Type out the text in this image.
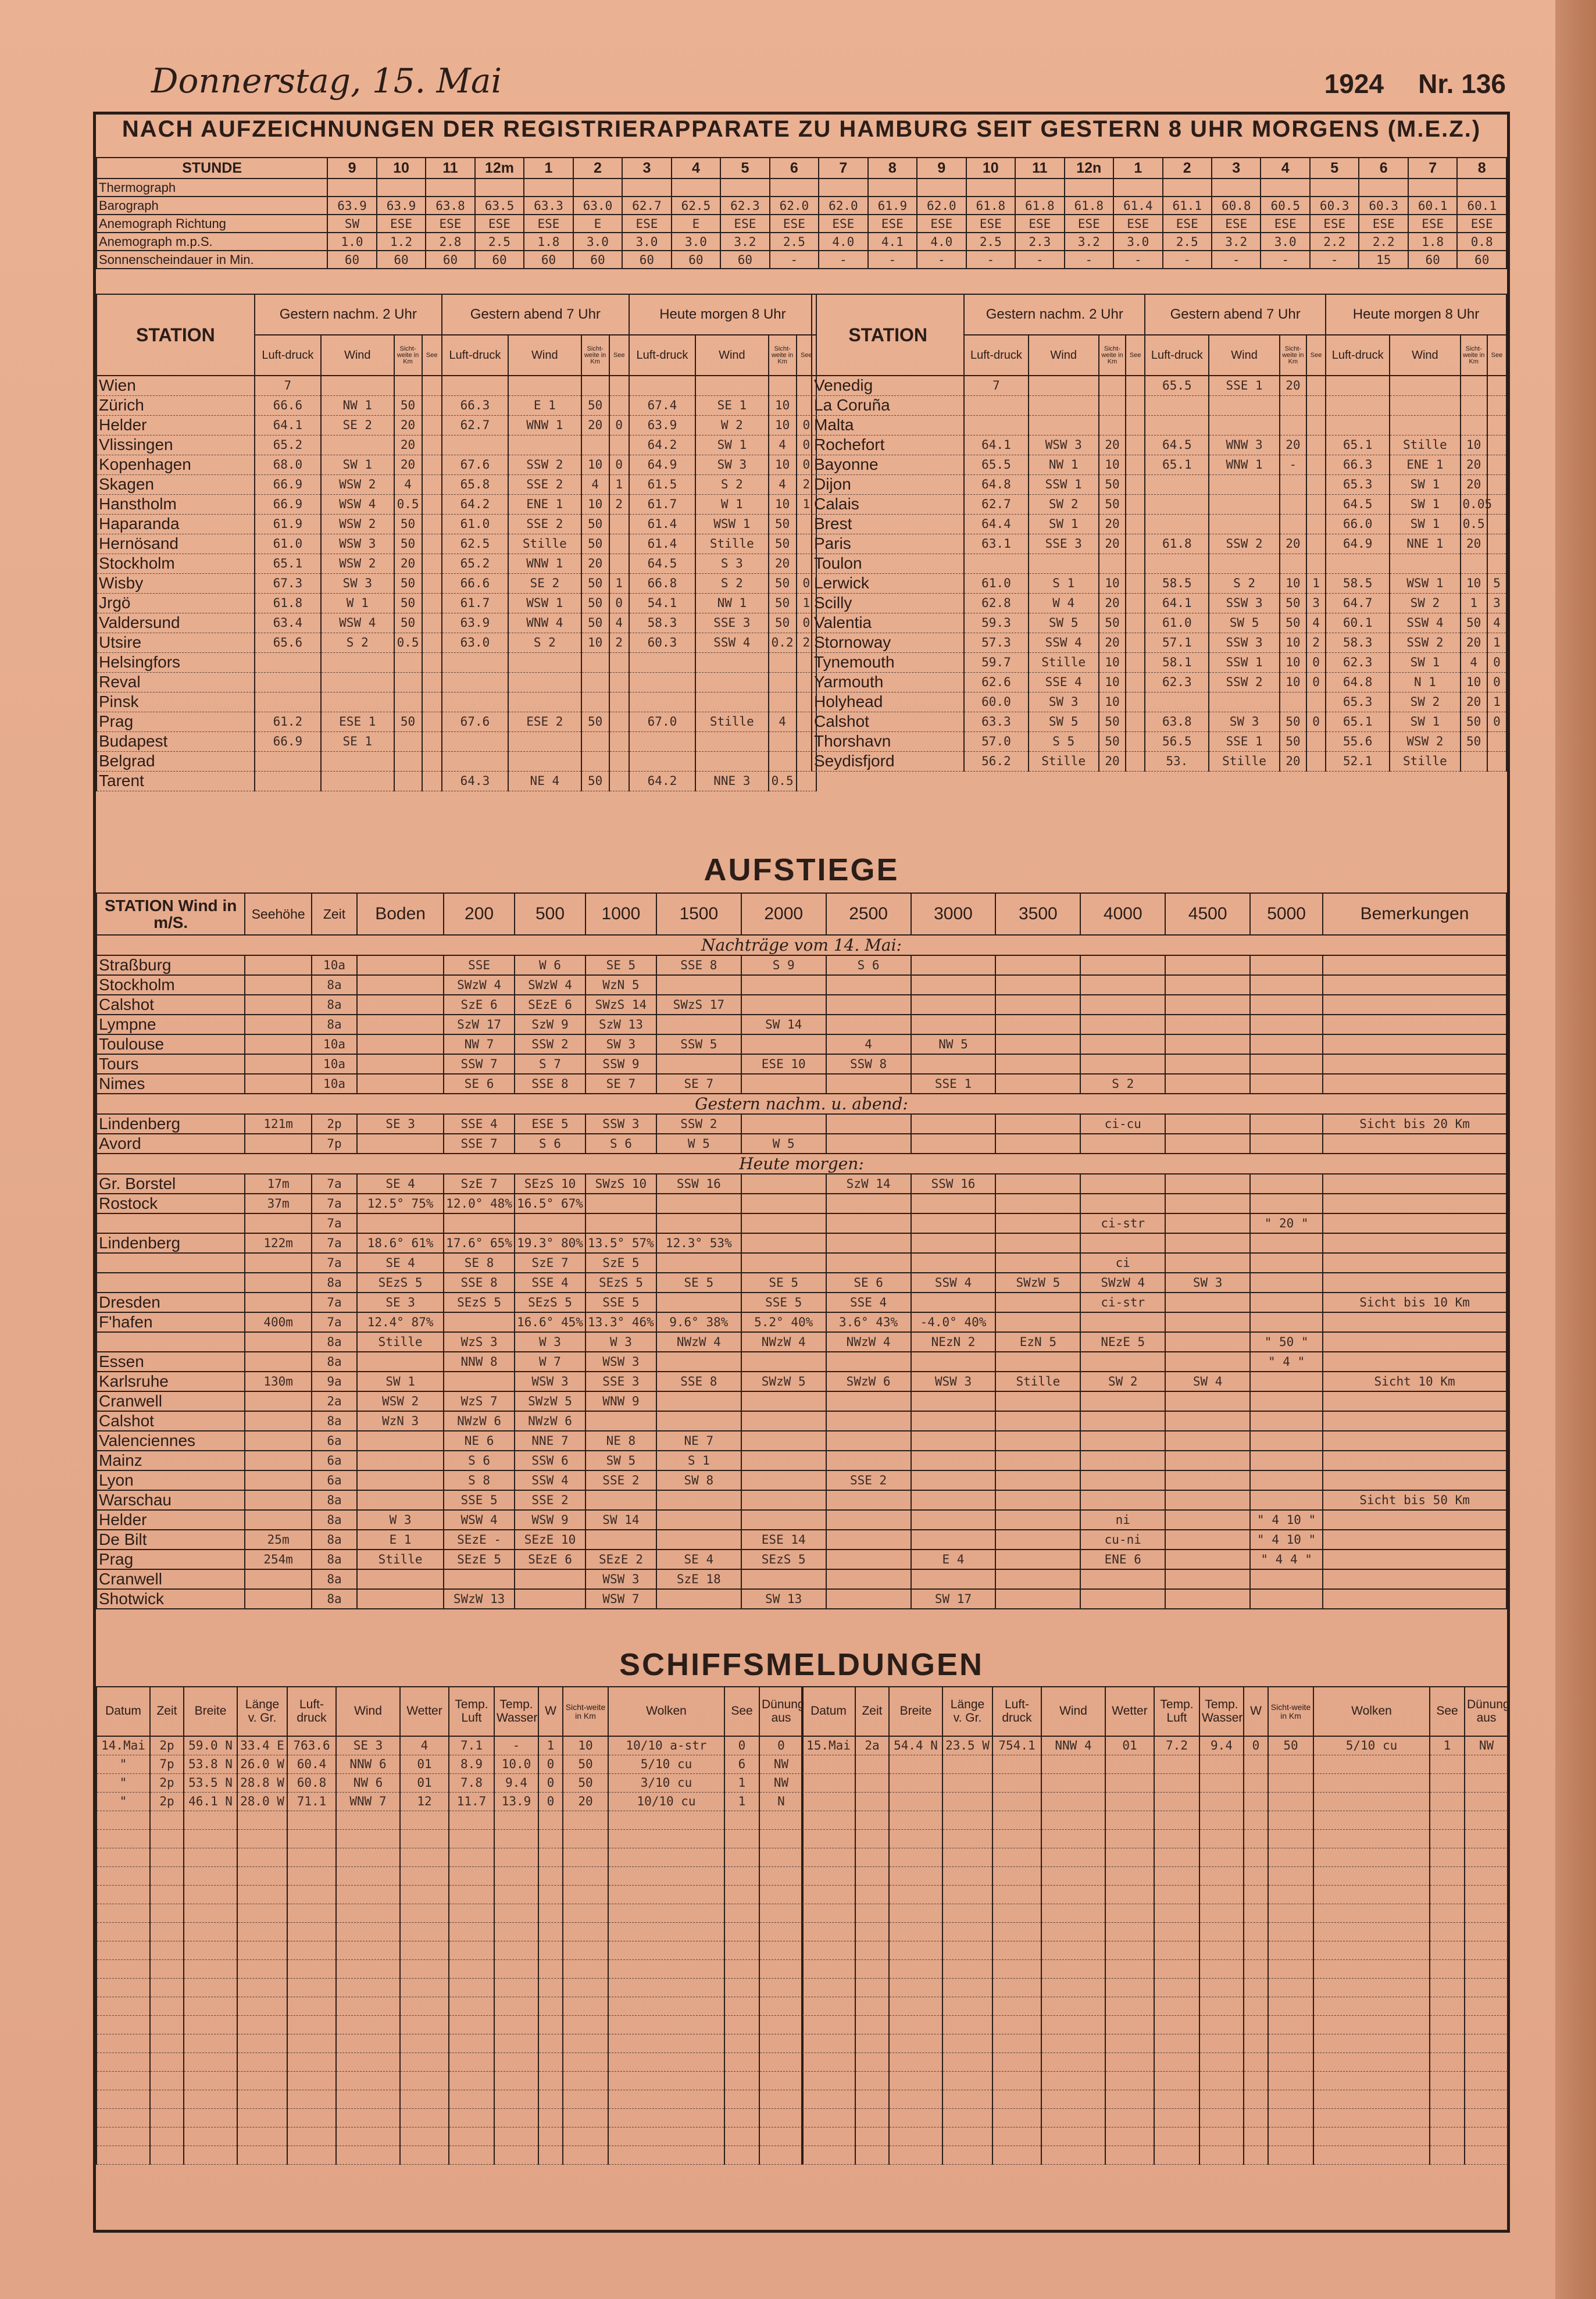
Donnerstag, 15. Mai	1924 Nr. 136
NACH AUFZEICHNUNGEN DER REGISTRIERAPPARATE ZU HAMBURG SEIT GESTERN 8 UHR MORGENS (M.E.Z.)
STUNDE	9	10	11	12m	1	2	3	4	5	6	7	8	9	10	11	12n	1	2	3	4	5	6	7	8
Thermograph																								
Barograph	63.9	63.9	63.8	63.5	63.3	63.0	62.7	62.5	62.3	62.0	62.0	61.9	62.0	61.8	61.8	61.8	61.4	61.1	60.8	60.5	60.3	60.3	60.1	60.1
Anemograph Richtung	SW	ESE	ESE	ESE	ESE	E	ESE	E	ESE	ESE	ESE	ESE	ESE	ESE	ESE	ESE	ESE	ESE	ESE	ESE	ESE	ESE	ESE	ESE
Anemograph m.p.S.	1.0	1.2	2.8	2.5	1.8	3.0	3.0	3.0	3.2	2.5	4.0	4.1	4.0	2.5	2.3	3.2	3.0	2.5	3.2	3.0	2.2	2.2	1.8	0.8
Sonnenscheindauer in Min.	60	60	60	60	60	60	60	60	60	-	-	-	-	-	-	-	-	-	-	-	-	15	60	60
STATION	Gestern nachm. 2 Uhr				Gestern abend 7 Uhr				Heute morgen 8 Uhr			
	Luft-druck	Wind	Sicht-weite in Km	See	Luft-druck	Wind	Sicht-weite in Km	See	Luft-druck	Wind	Sicht-weite in Km	See
Wien	7											
Zürich	66.6	NW 1	50		66.3	E 1	50		67.4	SE 1	10	
Helder	64.1	SE 2	20		62.7	WNW 1	20	0	63.9	W 2	10	0
Vlissingen	65.2		20						64.2	SW 1	4	0
Kopenhagen	68.0	SW 1	20		67.6	SSW 2	10	0	64.9	SW 3	10	0
Skagen	66.9	WSW 2	4		65.8	SSE 2	4	1	61.5	S 2	4	2
Hanstholm	66.9	WSW 4	0.5		64.2	ENE 1	10	2	61.7	W 1	10	1
Haparanda	61.9	WSW 2	50		61.0	SSE 2	50		61.4	WSW 1	50	
Hernösand	61.0	WSW 3	50		62.5	Stille	50		61.4	Stille	50	
Stockholm	65.1	WSW 2	20		65.2	WNW 1	20		64.5	S 3	20	
Wisby	67.3	SW 3	50		66.6	SE 2	50	1	66.8	S 2	50	0
Jrgö	61.8	W 1	50		61.7	WSW 1	50	0	54.1	NW 1	50	1
Valdersund	63.4	WSW 4	50		63.9	WNW 4	50	4	58.3	SSE 3	50	0
Utsire	65.6	S 2	0.5		63.0	S 2	10	2	60.3	SSW 4	0.2	2
Helsingfors												
Reval												
Pinsk												
Prag	61.2	ESE 1	50		67.6	ESE 2	50		67.0	Stille	4	
Budapest	66.9	SE 1										
Belgrad												
Tarent					64.3	NE 4	50		64.2	NNE 3	0.5	
STATION	Gestern nachm. 2 Uhr				Gestern abend 7 Uhr				Heute morgen 8 Uhr			
	Luft-druck	Wind	Sicht-weite in Km	See	Luft-druck	Wind	Sicht-weite in Km	See	Luft-druck	Wind	Sicht-weite in Km	See
Venedig	7				65.5	SSE 1	20					
La Coruña												
Malta												
Rochefort	64.1	WSW 3	20		64.5	WNW 3	20		65.1	Stille	10	
Bayonne	65.5	NW 1	10		65.1	WNW 1	-		66.3	ENE 1	20	
Dijon	64.8	SSW 1	50						65.3	SW 1	20	
Calais	62.7	SW 2	50						64.5	SW 1	0.05	
Brest	64.4	SW 1	20						66.0	SW 1	0.5	
Paris	63.1	SSE 3	20		61.8	SSW 2	20		64.9	NNE 1	20	
Toulon												
Lerwick	61.0	S 1	10		58.5	S 2	10	1	58.5	WSW 1	10	5
Scilly	62.8	W 4	20		64.1	SSW 3	50	3	64.7	SW 2	1	3
Valentia	59.3	SW 5	50		61.0	SW 5	50	4	60.1	SSW 4	50	4
Stornoway	57.3	SSW 4	20		57.1	SSW 3	10	2	58.3	SSW 2	20	1
Tynemouth	59.7	Stille	10		58.1	SSW 1	10	0	62.3	SW 1	4	0
Yarmouth	62.6	SSE 4	10		62.3	SSW 2	10	0	64.8	N 1	10	0
Holyhead	60.0	SW 3	10						65.3	SW 2	20	1
Calshot	63.3	SW 5	50		63.8	SW 3	50	0	65.1	SW 1	50	0
Thorshavn	57.0	S 5	50		56.5	SSE 1	50		55.6	WSW 2	50	
Seydisfjord	56.2	Stille	20		53.	Stille	20		52.1	Stille		
AUFSTIEGE
STATION Wind in m/S.	Seehöhe	Zeit	Boden	200	500	1000	1500	2000	2500	3000	3500	4000	4500	5000	Bemerkungen
Nachträge vom 14. Mai:															
Straßburg		10a		SSE	W 6	SE 5	SSE 8	S 9	S 6						
Stockholm		8a		SWzW 4	SWzW 4	WzN 5									
Calshot		8a		SzE 6	SEzE 6	SWzS 14	SWzS 17								
Lympne		8a		SzW 17	SzW 9	SzW 13		SW 14							
Toulouse		10a		NW 7	SSW 2	SW 3	SSW 5		4	NW 5					
Tours		10a		SSW 7	S 7	SSW 9		ESE 10	SSW 8						
Nimes		10a		SE 6	SSE 8	SE 7	SE 7			SSE 1		S 2			
Gestern nachm. u. abend:															
Lindenberg	121m	2p	SE 3	SSE 4	ESE 5	SSW 3	SSW 2					ci-cu			Sicht bis 20 Km
Avord		7p		SSE 7	S 6	S 6	W 5	W 5							
Heute morgen:															
Gr. Borstel	17m	7a	SE 4	SzE 7	SEzS 10	SWzS 10	SSW 16		SzW 14	SSW 16					
Rostock	37m	7a	12.5° 75%	12.0° 48%	16.5° 67%										
		7a										ci-str		" 20 "	
Lindenberg	122m	7a	18.6° 61%	17.6° 65%	19.3° 80%	13.5° 57%	12.3° 53%								
		7a	SE 4	SE 8	SzE 7	SzE 5						ci			
		8a	SEzS 5	SSE 8	SSE 4	SEzS 5	SE 5	SE 5	SE 6	SSW 4	SWzW 5	SWzW 4	SW 3		
Dresden		7a	SE 3	SEzS 5	SEzS 5	SSE 5		SSE 5	SSE 4			ci-str			Sicht bis 10 Km
F'hafen	400m	7a	12.4° 87%		16.6° 45%	13.3° 46%	9.6° 38%	5.2° 40%	3.6° 43%	-4.0° 40%					
		8a	Stille	WzS 3	W 3	W 3	NWzW 4	NWzW 4	NWzW 4	NEzN 2	EzN 5	NEzE 5		" 50 "	
Essen		8a		NNW 8	W 7	WSW 3								" 4 "	
Karlsruhe	130m	9a	SW 1		WSW 3	SSE 3	SSE 8	SWzW 5	SWzW 6	WSW 3	Stille	SW 2	SW 4		Sicht 10 Km
Cranwell		2a	WSW 2	WzS 7	SWzW 5	WNW 9									
Calshot		8a	WzN 3	NWzW 6	NWzW 6										
Valenciennes		6a		NE 6	NNE 7	NE 8	NE 7								
Mainz		6a		S 6	SSW 6	SW 5	S 1								
Lyon		6a		S 8	SSW 4	SSE 2	SW 8		SSE 2						
Warschau		8a		SSE 5	SSE 2										Sicht bis 50 Km
Helder		8a	W 3	WSW 4	WSW 9	SW 14						ni		" 4 10 "	
De Bilt	25m	8a	E 1	SEzE -	SEzE 10			ESE 14				cu-ni		" 4 10 "	
Prag	254m	8a	Stille	SEzE 5	SEzE 6	SEzE 2	SE 4	SEzS 5		E 4		ENE 6		" 4 4 "	
Cranwell		8a				WSW 3	SzE 18								
Shotwick		8a		SWzW 13		WSW 7		SW 13		SW 17					
SCHIFFSMELDUNGEN
Datum	Zeit	Breite	Länge v. Gr.	Luft-druck	Wind	Wetter	Temp. Luft	Temp. Wasser	W	Sicht-weite in Km	Wolken	See	Dünung aus
14.Mai	2p	59.0 N	33.4 E	763.6	SE 3	4	7.1	-	1	10	10/10 a-str	0	0
"	7p	53.8 N	26.0 W	60.4	NNW 6	01	8.9	10.0	0	50	5/10 cu	6	NW
"	2p	53.5 N	28.8 W	60.8	NW 6	01	7.8	9.4	0	50	3/10 cu	1	NW
"	2p	46.1 N	28.0 W	71.1	WNW 7	12	11.7	13.9	0	20	10/10 cu	1	N

Datum	Zeit	Breite	Länge v. Gr.	Luft-druck	Wind	Wetter	Temp. Luft	Temp. Wasser	W	Sicht-weite in Km	Wolken	See	Dünung aus
15.Mai	2a	54.4 N	23.5 W	754.1	NNW 4	01	7.2	9.4	0	50	5/10 cu	1	NW
